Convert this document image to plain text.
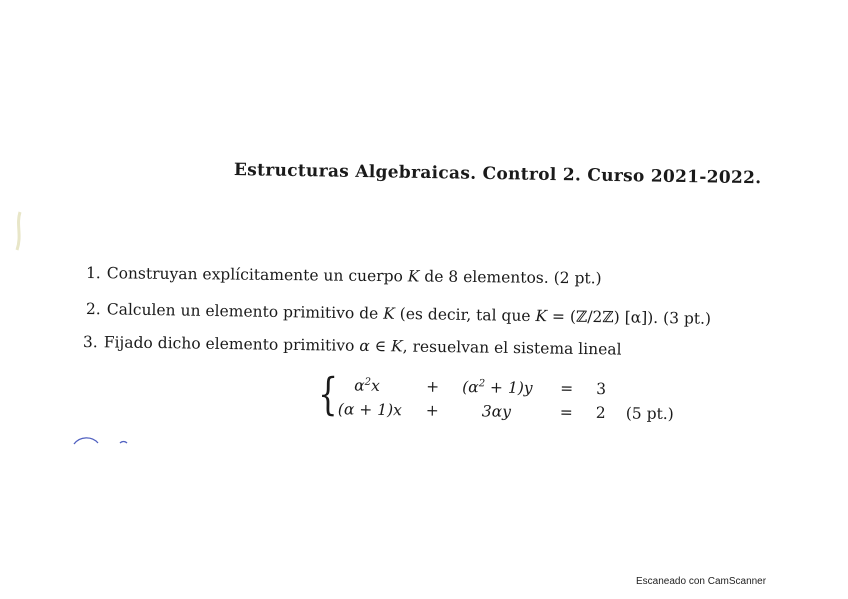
Estructuras Algebraicas. Control 2. Curso 2021-2022.
1. Construyan explícitamente un cuerpo K de 8 elementos. (2 pt.)
2. Calculen un elemento primitivo de K (es decir, tal que K = (ℤ/2ℤ) [α]). (3 pt.)
3. Fijado dicho elemento primitivo α ∈ K, resuelvan el sistema lineal
{ $\alpha^2x$	+ $(\alpha^2 + 1)y = 3$
(α + 1)x +	3αy	= 2 (5 pt.)
Escaneado con CamScanner
